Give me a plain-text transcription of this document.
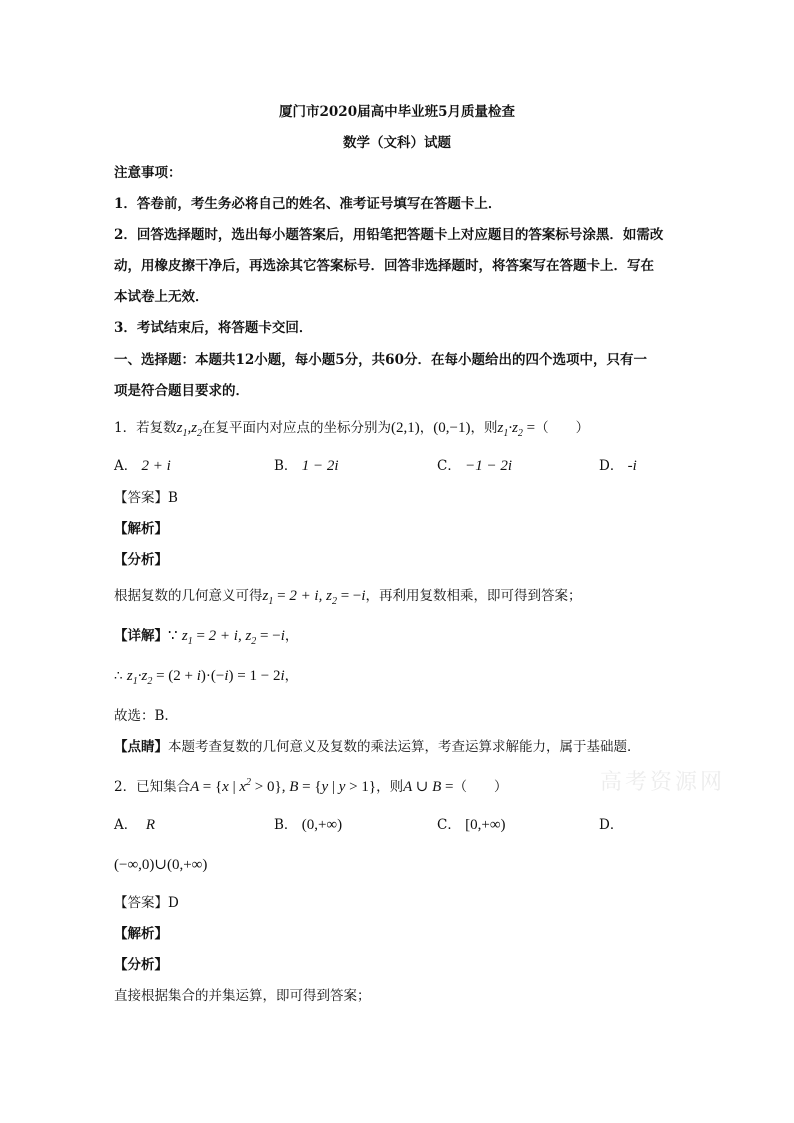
厦门市2020届高中毕业班5月质量检查
数学（文科）试题
注意事项：
1．答卷前，考生务必将自己的姓名、准考证号填写在答题卡上．
2．回答选择题时，选出每小题答案后，用铅笔把答题卡上对应题目的答案标号涂黑．如需改
动，用橡皮擦干净后，再选涂其它答案标号．回答非选择题时，将答案写在答题卡上．写在
本试卷上无效．
3．考试结束后，将答题卡交回．
一、选择题：本题共12小题，每小题5分，共60分．在每小题给出的四个选项中，只有一
项是符合题目要求的．
1．若复数$z_1,z_2$在复平面内对应点的坐标分别为(2,1)，(0,−1)，则$z_1\cdot z_2$ =（　　）
A． 2 + i	B． 1 − 2i	C． −1 − 2i	D． -i
【答案】B
【解析】
【分析】
根据复数的几何意义可得$z_1 = 2 + i$, $z_2 = -i$，再利用复数相乘，即可得到答案；
【详解】∵ $z_1 = 2 + i$, $z_2 = -i$，
∴ $z_1\cdot z_2 = (2 + i)\cdot(-i) = 1 - 2i$，
故选：B.
【点睛】本题考查复数的几何意义及复数的乘法运算，考查运算求解能力，属于基础题．
高考资源网
2．已知集合A = {x | $x^2 > 0$}, B = {y | y > 1}，则A ∪ B =（　　）
A． R	B． (0,+∞)	C． [0,+∞)	D．
(−∞,0)∪(0,+∞)
【答案】D
【解析】
【分析】
直接根据集合的并集运算，即可得到答案；
